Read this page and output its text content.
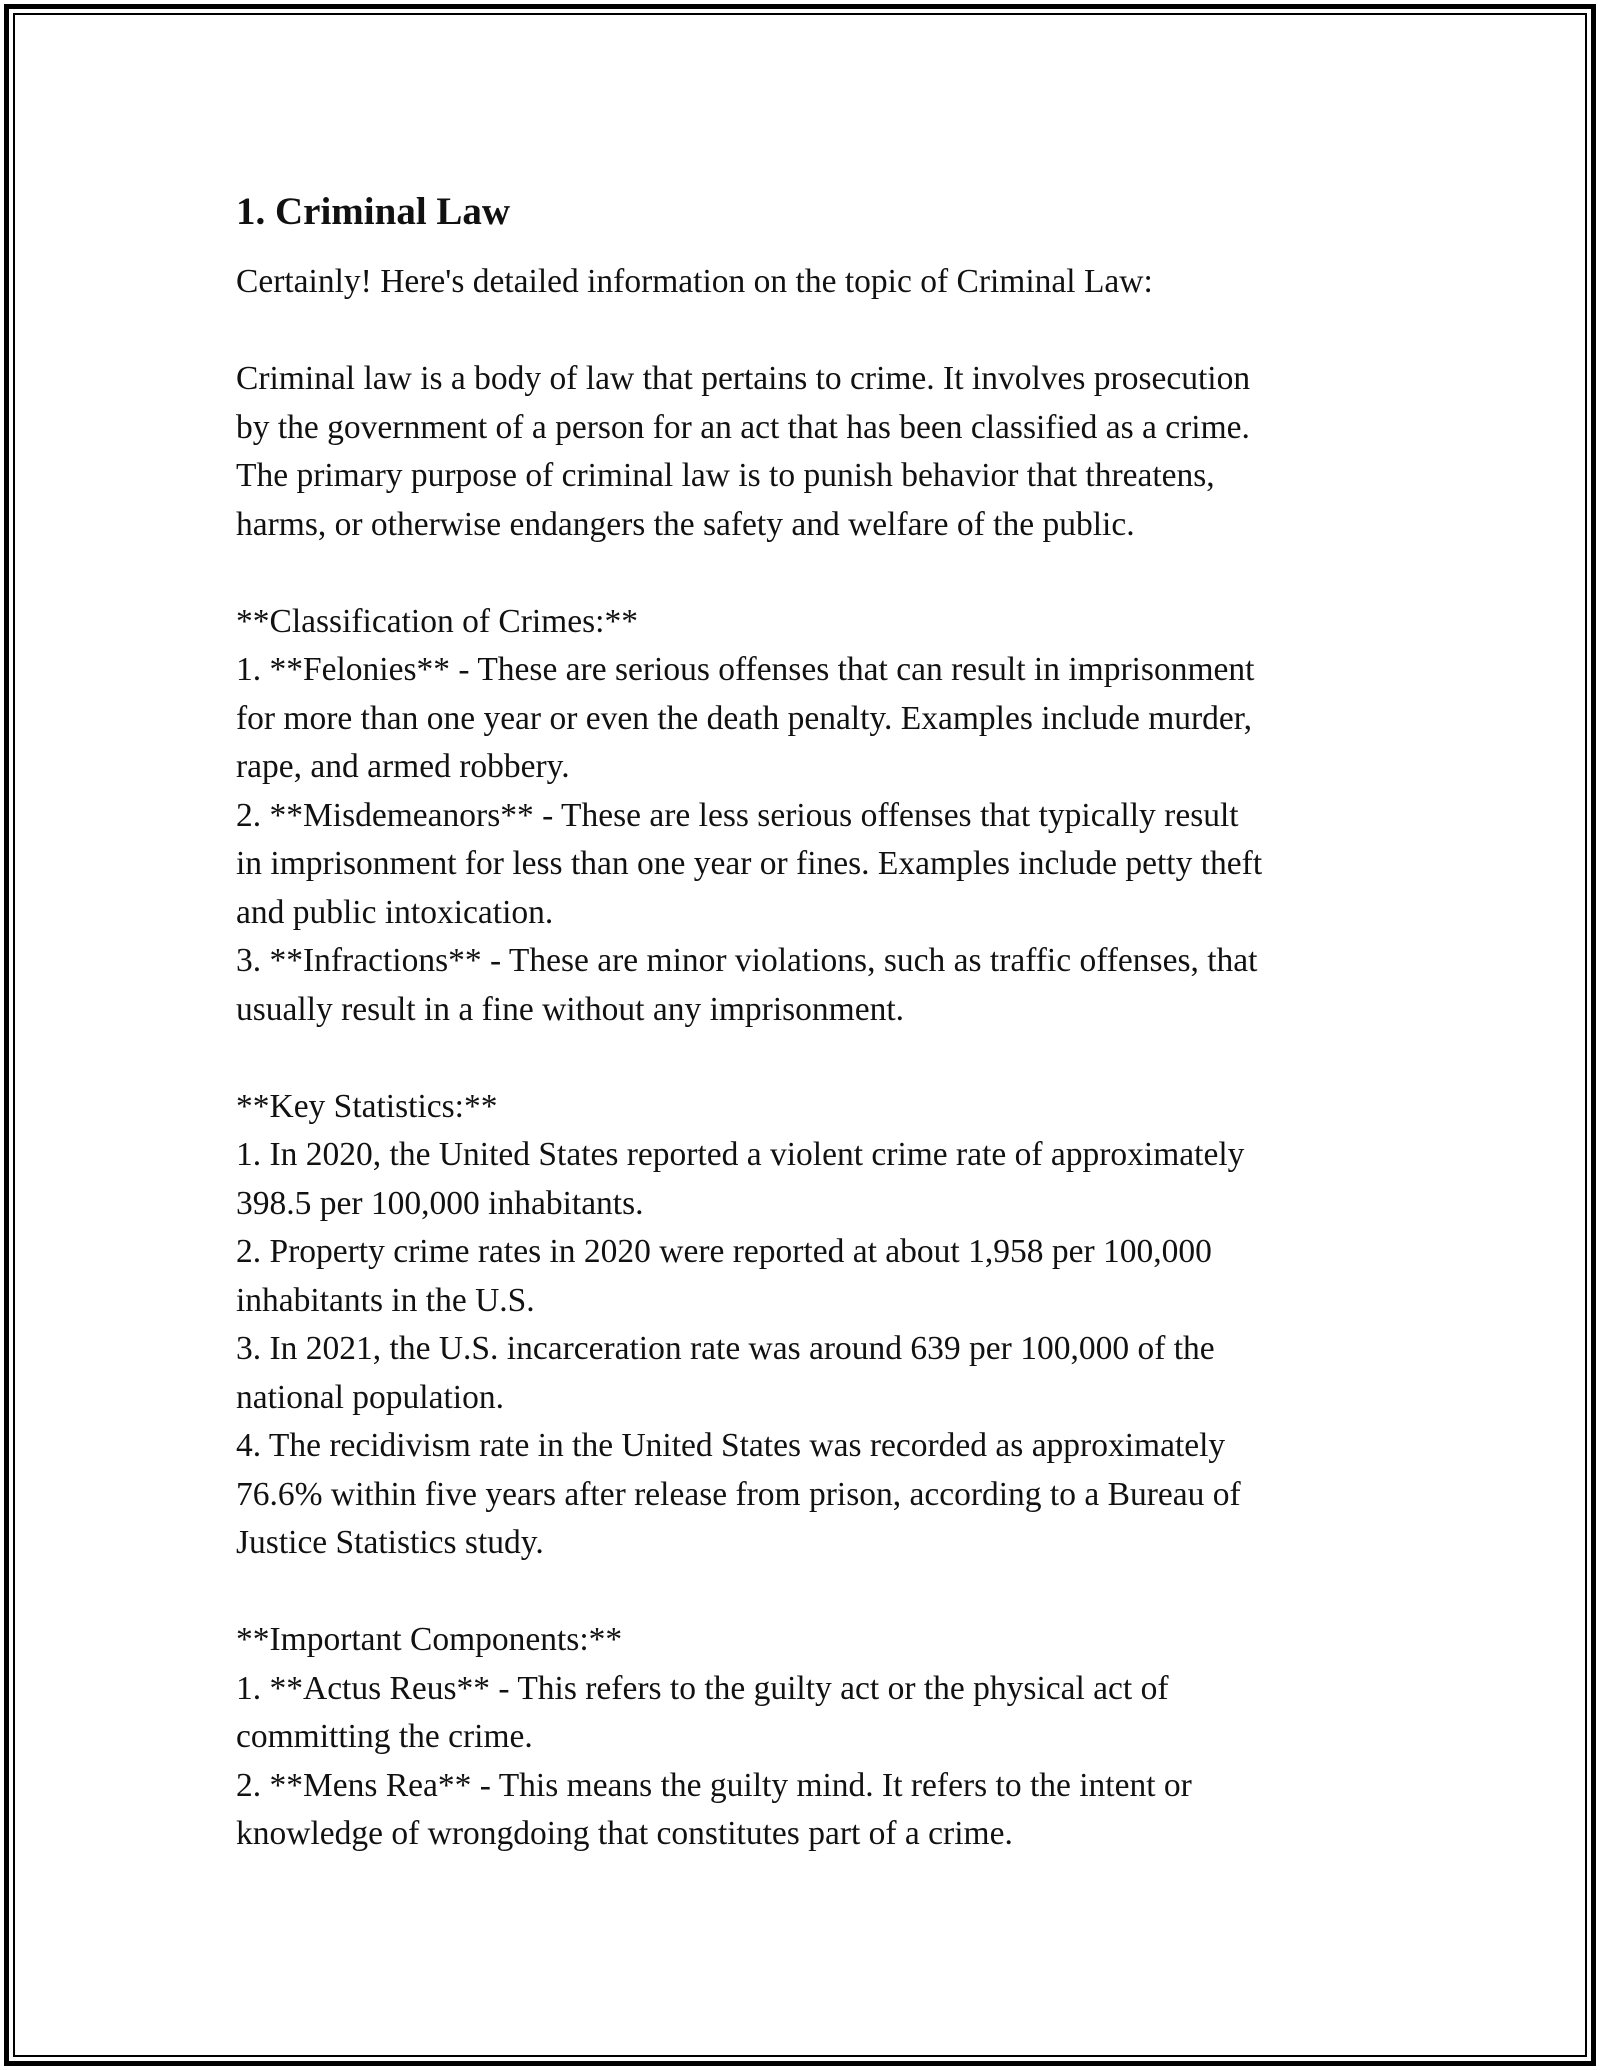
1. Criminal Law

Certainly! Here's detailed information on the topic of Criminal Law:

Criminal law is a body of law that pertains to crime. It involves prosecution
by the government of a person for an act that has been classified as a crime.
The primary purpose of criminal law is to punish behavior that threatens,
harms, or otherwise endangers the safety and welfare of the public.

**Classification of Crimes:**

1. **Felonies** - These are serious offenses that can result in imprisonment
for more than one year or even the death penalty. Examples include murder,
rape, and armed robbery.

2. **Misdemeanors** - These are less serious offenses that typically result
in imprisonment for less than one year or fines. Examples include petty theft
and public intoxication.

3. **Infractions** - These are minor violations, such as traffic offenses, that
usually result in a fine without any imprisonment.

**Key Statistics:**

1. In 2020, the United States reported a violent crime rate of approximately
398.5 per 100,000 inhabitants.

2. Property crime rates in 2020 were reported at about 1,958 per 100,000
inhabitants in the U.S.

3. In 2021, the U.S. incarceration rate was around 639 per 100,000 of the
national population.

4. The recidivism rate in the United States was recorded as approximately
76.6% within five years after release from prison, according to a Bureau of
Justice Statistics study.

**Important Components:**

1. **Actus Reus** - This refers to the guilty act or the physical act of
committing the crime.

2. **Mens Rea** - This means the guilty mind. It refers to the intent or
knowledge of wrongdoing that constitutes part of a crime.
